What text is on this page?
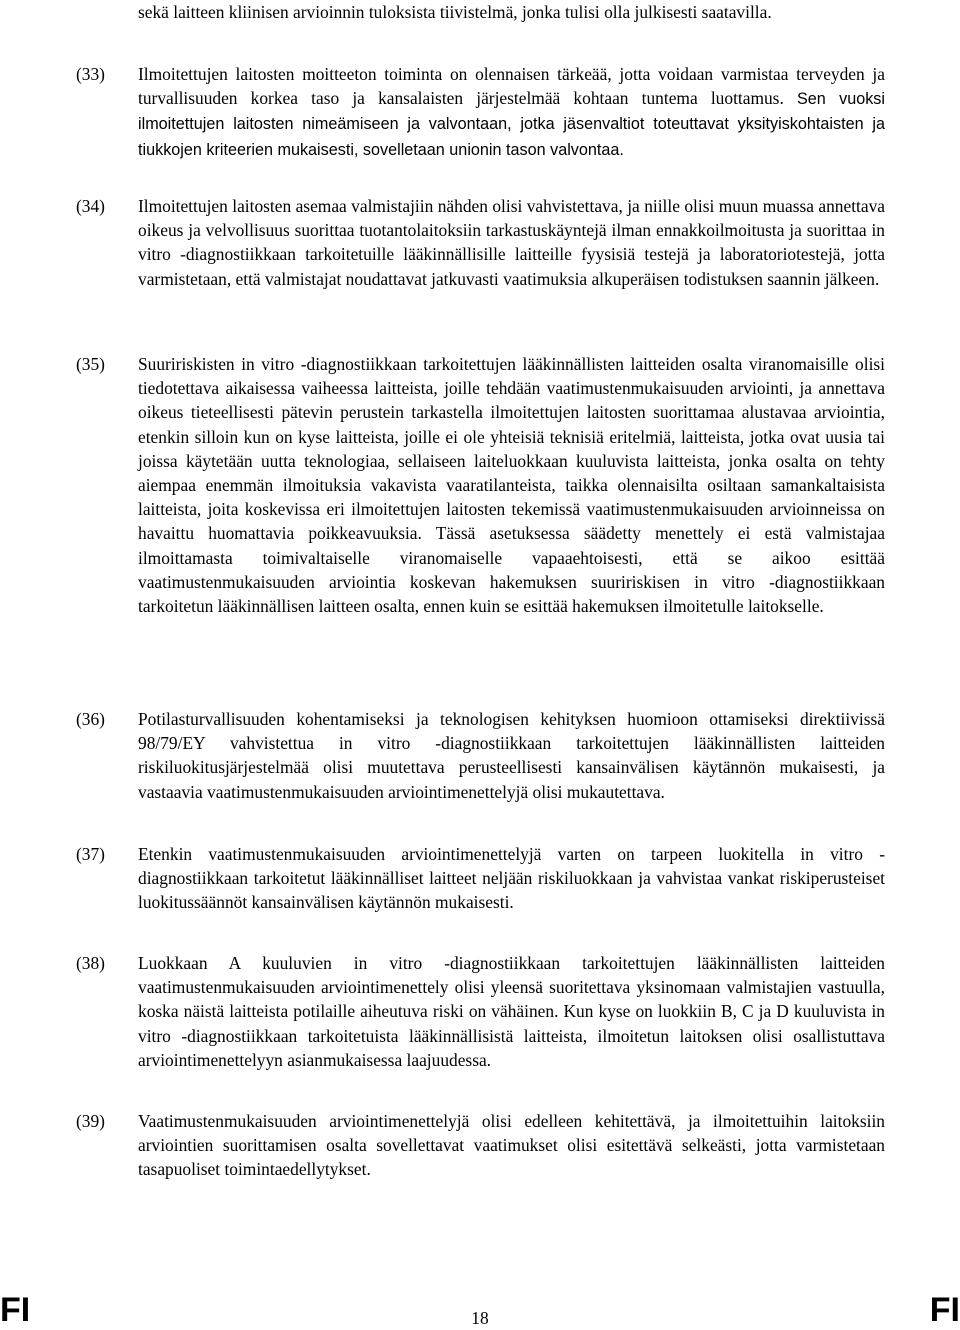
sekä laitteen kliinisen arvioinnin tuloksista tiivistelmä, jonka tulisi olla julkisesti saatavilla.
(33)	Ilmoitettujen laitosten moitteeton toiminta on olennaisen tärkeää, jotta voidaan varmistaa terveyden ja turvallisuuden korkea taso ja kansalaisten järjestelmää kohtaan tuntema luottamus. Sen vuoksi ilmoitettujen laitosten nimeämiseen ja valvontaan, jotka jäsenvaltiot toteuttavat yksityiskohtaisten ja tiukkojen kriteerien mukaisesti, sovelletaan unionin tason valvontaa.
(34)	Ilmoitettujen laitosten asemaa valmistajiin nähden olisi vahvistettava, ja niille olisi muun muassa annettava oikeus ja velvollisuus suorittaa tuotantolaitoksiin tarkastuskäyntejä ilman ennakkoilmoitusta ja suorittaa in vitro -diagnostiikkaan tarkoitetuille lääkinnällisille laitteille fyysisiä testejä ja laboratoriotestejä, jotta varmistetaan, että valmistajat noudattavat jatkuvasti vaatimuksia alkuperäisen todistuksen saannin jälkeen.
(35)	Suuririskisten in vitro -diagnostiikkaan tarkoitettujen lääkinnällisten laitteiden osalta viranomaisille olisi tiedotettava aikaisessa vaiheessa laitteista, joille tehdään vaatimustenmukaisuuden arviointi, ja annettava oikeus tieteellisesti pätevin perustein tarkastella ilmoitettujen laitosten suorittamaa alustavaa arviointia, etenkin silloin kun on kyse laitteista, joille ei ole yhteisiä teknisiä eritelmiä, laitteista, jotka ovat uusia tai joissa käytetään uutta teknologiaa, sellaiseen laiteluokkaan kuuluvista laitteista, jonka osalta on tehty aiempaa enemmän ilmoituksia vakavista vaaratilanteista, taikka olennaisilta osiltaan samankaltaisista laitteista, joita koskevissa eri ilmoitettujen laitosten tekemissä vaatimustenmukaisuuden arvioinneissa on havaittu huomattavia poikkeavuuksia. Tässä asetuksessa säädetty menettely ei estä valmistajaa ilmoittamasta toimivaltaiselle viranomaiselle vapaaehtoisesti, että se aikoo esittää vaatimustenmukaisuuden arviointia koskevan hakemuksen suuririskisen in vitro -diagnostiikkaan tarkoitetun lääkinnällisen laitteen osalta, ennen kuin se esittää hakemuksen ilmoitetulle laitokselle.
(36)	Potilasturvallisuuden kohentamiseksi ja teknologisen kehityksen huomioon ottamiseksi direktiivissä 98/79/EY vahvistettua in vitro -diagnostiikkaan tarkoitettujen lääkinnällisten laitteiden riskiluokitusjärjestelmää olisi muutettava perusteellisesti kansainvälisen käytännön mukaisesti, ja vastaavia vaatimustenmukaisuuden arviointimenettelyjä olisi mukautettava.
(37)	Etenkin vaatimustenmukaisuuden arviointimenettelyjä varten on tarpeen luokitella in vitro -diagnostiikkaan tarkoitetut lääkinnälliset laitteet neljään riskiluokkaan ja vahvistaa vankat riskiperusteiset luokitussäännöt kansainvälisen käytännön mukaisesti.
(38)	Luokkaan A kuuluvien in vitro -diagnostiikkaan tarkoitettujen lääkinnällisten laitteiden vaatimustenmukaisuuden arviointimenettely olisi yleensä suoritettava yksinomaan valmistajien vastuulla, koska näistä laitteista potilaille aiheutuva riski on vähäinen. Kun kyse on luokkiin B, C ja D kuuluvista in vitro -diagnostiikkaan tarkoitetuista lääkinnällisistä laitteista, ilmoitetun laitoksen olisi osallistuttava arviointimenettelyyn asianmukaisessa laajuudessa.
(39)	Vaatimustenmukaisuuden arviointimenettelyjä olisi edelleen kehitettävä, ja ilmoitettuihin laitoksiin arviointien suorittamisen osalta sovellettavat vaatimukset olisi esitettävä selkeästi, jotta varmistetaan tasapuoliset toimintaedellytykset.
FI	18	FI
